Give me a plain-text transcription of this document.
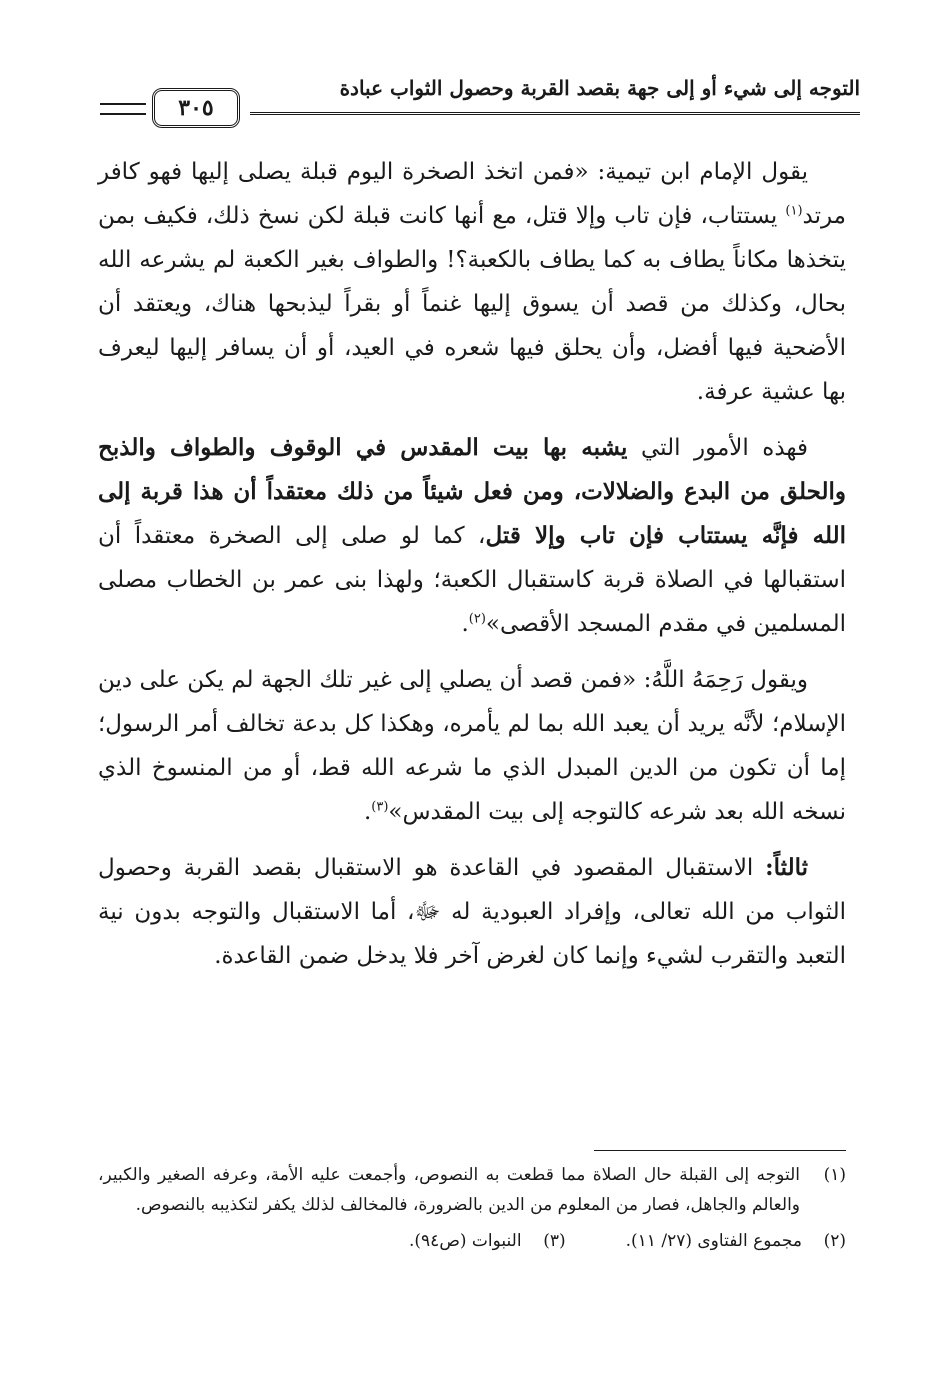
التوجه إلى شيء أو إلى جهة بقصد القربة وحصول الثواب عبادة
٣٠٥

يقول الإمام ابن تيمية: «فمن اتخذ الصخرة اليوم قبلة يصلى إليها فهو كافر مرتد$^{(١)}$ يستتاب، فإن تاب وإلا قتل، مع أنها كانت قبلة لكن نسخ ذلك، فكيف بمن يتخذها مكاناً يطاف به كما يطاف بالكعبة؟! والطواف بغير الكعبة لم يشرعه الله بحال، وكذلك من قصد أن يسوق إليها غنماً أو بقراً ليذبحها هناك، ويعتقد أن الأضحية فيها أفضل، وأن يحلق فيها شعره في العيد، أو أن يسافر إليها ليعرف بها عشية عرفة.

فهذه الأمور التي يشبه بها بيت المقدس في الوقوف والطواف والذبح والحلق من البدع والضلالات، ومن فعل شيئاً من ذلك معتقداً أن هذا قربة إلى الله فإنَّه يستتاب فإن تاب وإلا قتل، كما لو صلى إلى الصخرة معتقداً أن استقبالها في الصلاة قربة كاستقبال الكعبة؛ ولهذا بنى عمر بن الخطاب مصلى المسلمين في مقدم المسجد الأقصى»$^{(٢)}$.

ويقول رَحِمَهُ اللَّهُ: «فمن قصد أن يصلي إلى غير تلك الجهة لم يكن على دين الإسلام؛ لأنَّه يريد أن يعبد الله بما لم يأمره، وهكذا كل بدعة تخالف أمر الرسول؛ إما أن تكون من الدين المبدل الذي ما شرعه الله قط، أو من المنسوخ الذي نسخه الله بعد شرعه كالتوجه إلى بيت المقدس»$^{(٣)}$.

ثالثاً: الاستقبال المقصود في القاعدة هو الاستقبال بقصد القربة وحصول الثواب من الله تعالى، وإفراد العبودية له ﷻ، أما الاستقبال والتوجه بدون نية التعبد والتقرب لشيء وإنما كان لغرض آخر فلا يدخل ضمن القاعدة.

(١)
التوجه إلى القبلة حال الصلاة مما قطعت به النصوص، وأجمعت عليه الأمة، وعرفه الصغير والكبير، والعالم والجاهل، فصار من المعلوم من الدين بالضرورة، فالمخالف لذلك يكفر لتكذيبه بالنصوص.

(٢)    مجموع الفتاوى (٢٧/ ١١).
(٣)    النبوات (ص٩٤).
